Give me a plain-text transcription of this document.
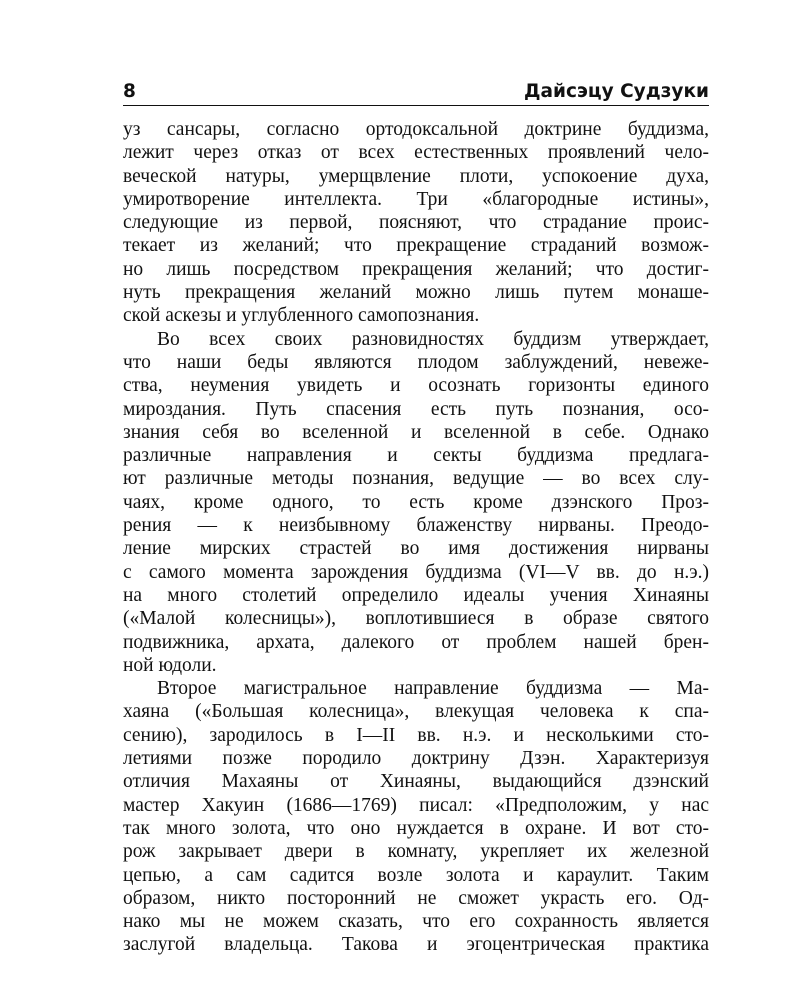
8	Дайсэцу Судзуки
уз сансары, согласно ортодоксальной доктрине буддизма,
лежит через отказ от всех естественных проявлений чело-
веческой натуры, умерщвление плоти, успокоение духа,
умиротворение интеллекта. Три «благородные истины»,
следующие из первой, поясняют, что страдание проис-
текает из желаний; что прекращение страданий возмож-
но лишь посредством прекращения желаний; что достиг-
нуть прекращения желаний можно лишь путем монаше-
ской аскезы и углубленного самопознания.
Во всех своих разновидностях буддизм утверждает,
что наши беды являются плодом заблуждений, невеже-
ства, неумения увидеть и осознать горизонты единого
мироздания. Путь спасения есть путь познания, осо-
знания себя во вселенной и вселенной в себе. Однако
различные направления и секты буддизма предлага-
ют различные методы познания, ведущие — во всех слу-
чаях, кроме одного, то есть кроме дзэнского Проз-
рения — к неизбывному блаженству нирваны. Преодо-
ление мирских страстей во имя достижения нирваны
с самого момента зарождения буддизма (VI—V вв. до н.э.)
на много столетий определило идеалы учения Хинаяны
(«Малой колесницы»), воплотившиеся в образе святого
подвижника, архата, далекого от проблем нашей брен-
ной юдоли.
Второе магистральное направление буддизма — Ма-
хаяна («Большая колесница», влекущая человека к спа-
сению), зародилось в I—II вв. н.э. и несколькими сто-
летиями позже породило доктрину Дзэн. Характеризуя
отличия Махаяны от Хинаяны, выдающийся дзэнский
мастер Хакуин (1686—1769) писал: «Предположим, у нас
так много золота, что оно нуждается в охране. И вот сто-
рож закрывает двери в комнату, укрепляет их железной
цепью, а сам садится возле золота и караулит. Таким
образом, никто посторонний не сможет украсть его. Од-
нако мы не можем сказать, что его сохранность является
заслугой владельца. Такова и эгоцентрическая практика
